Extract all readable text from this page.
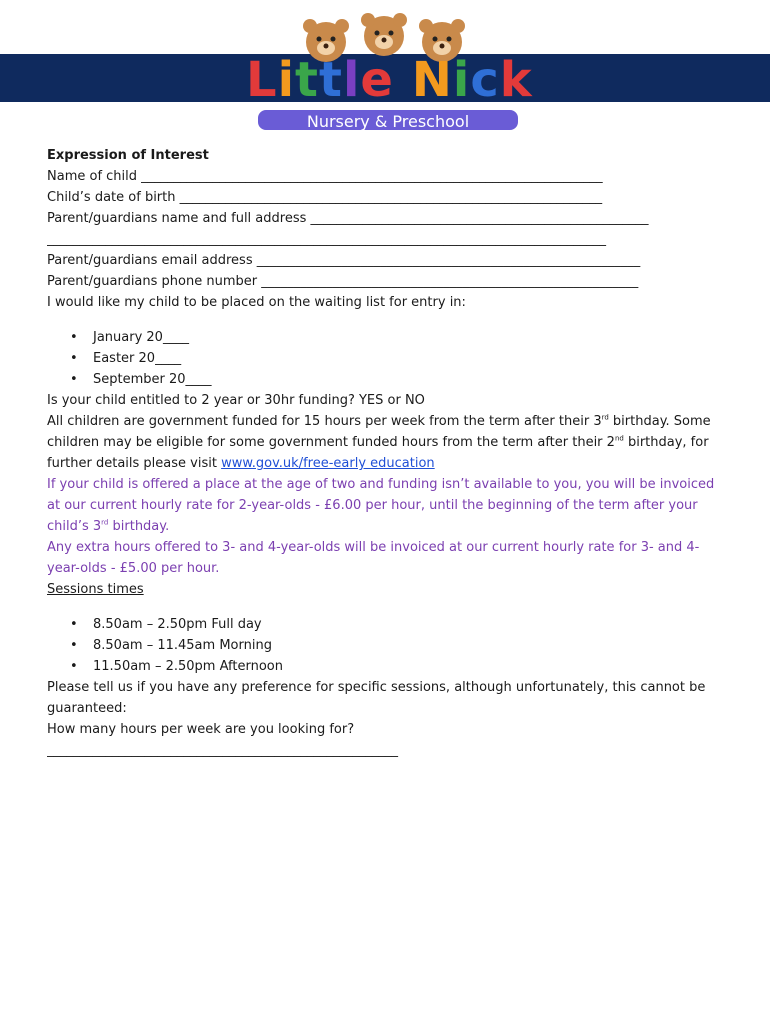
Little Nick
Nursery & Preschool

Expression of Interest

Name of child _______________________________________________________________________

Child’s date of birth _________________________________________________________________

Parent/guardians name and full address ____________________________________________________

______________________________________________________________________________________

Parent/guardians email address ___________________________________________________________

Parent/guardians phone number __________________________________________________________

I would like my child to be placed on the waiting list for entry in:

• January 20____
• Easter 20____
• September 20____

Is your child entitled to 2 year or 30hr funding? YES or NO

All children are government funded for 15 hours per week from the term after their 3rd birthday. Some children may be eligible for some government funded hours from the term after their 2nd birthday, for further details please visit www.gov.uk/free-early education

If your child is offered a place at the age of two and funding isn’t available to you, you will be invoiced at our current hourly rate for 2-year-olds - £6.00 per hour, until the beginning of the term after your child’s 3rd birthday.

Any extra hours offered to 3- and 4-year-olds will be invoiced at our current hourly rate for 3- and 4-year-olds - £5.00 per hour.

Sessions times

• 8.50am – 2.50pm Full day
• 8.50am – 11.45am Morning
• 11.50am – 2.50pm Afternoon

Please tell us if you have any preference for specific sessions, although unfortunately, this cannot be guaranteed:

How many hours per week are you looking for?

______________________________________________________
